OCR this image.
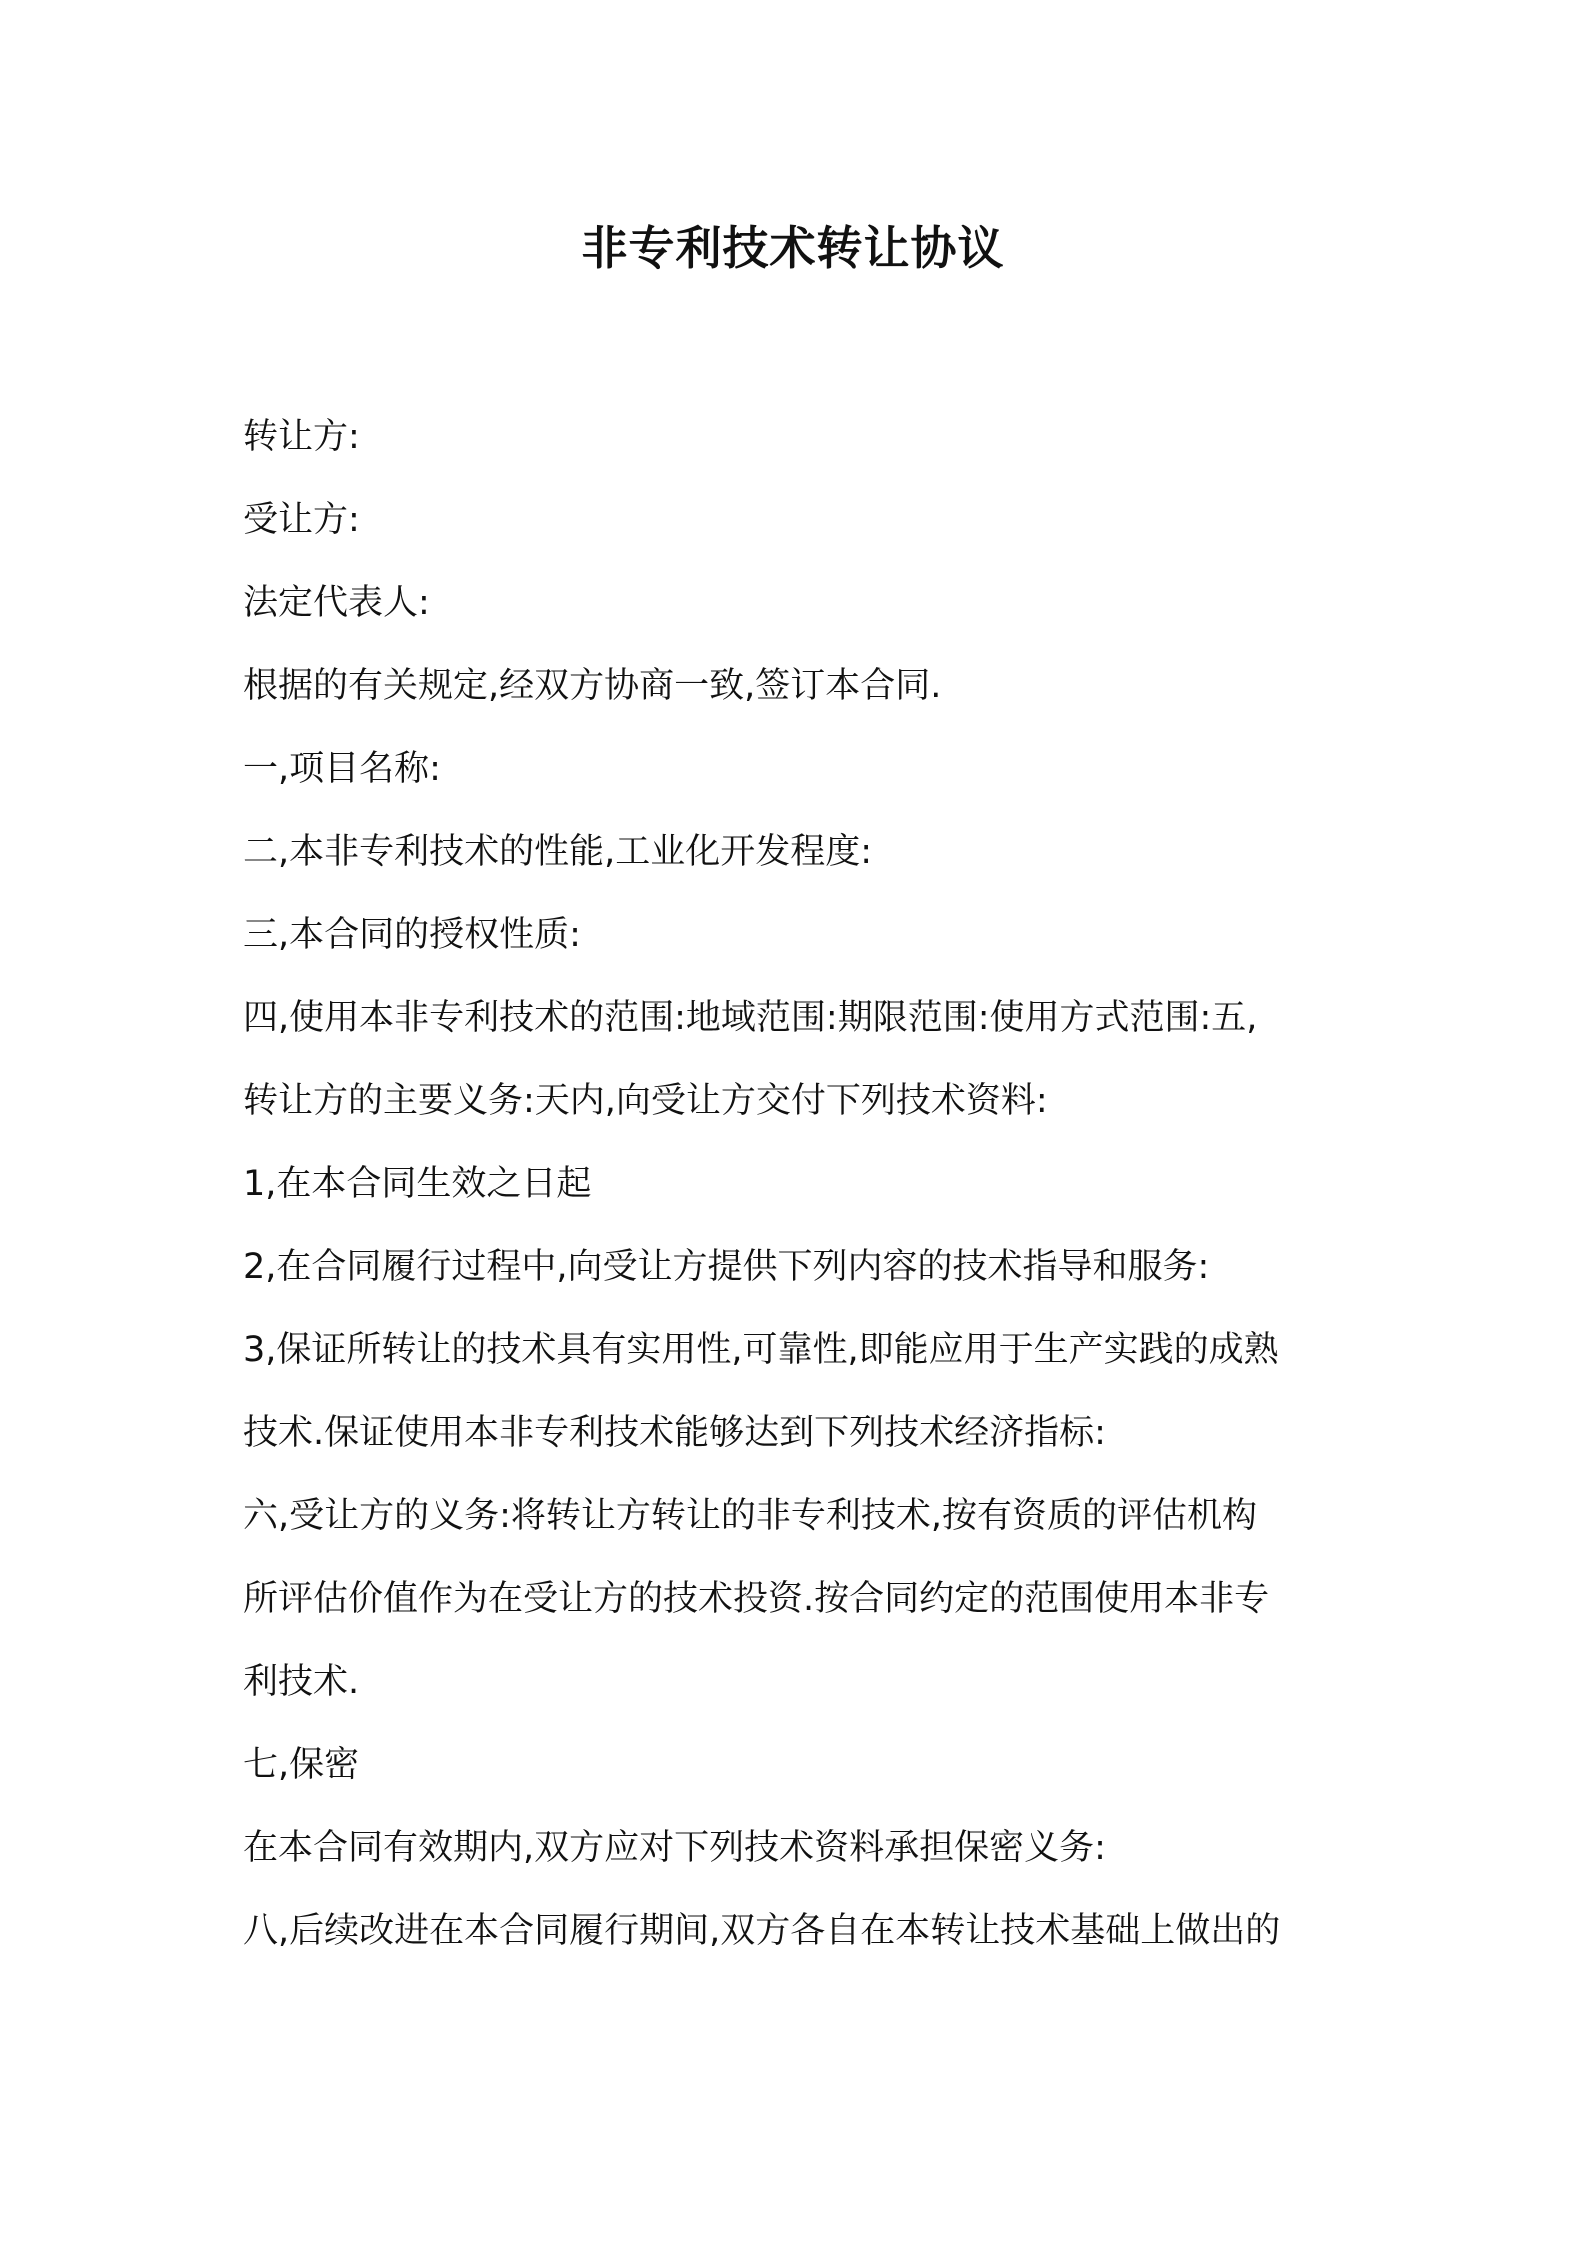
非专利技术转让协议

转让方:

受让方:

法定代表人:

根据的有关规定,经双方协商一致,签订本合同.

一,项目名称:

二,本非专利技术的性能,工业化开发程度:

三,本合同的授权性质:

四,使用本非专利技术的范围:地域范围:期限范围:使用方式范围:五,

转让方的主要义务:天内,向受让方交付下列技术资料:

1,在本合同生效之日起

2,在合同履行过程中,向受让方提供下列内容的技术指导和服务:

3,保证所转让的技术具有实用性,可靠性,即能应用于生产实践的成熟

技术.保证使用本非专利技术能够达到下列技术经济指标:

六,受让方的义务:将转让方转让的非专利技术,按有资质的评估机构

所评估价值作为在受让方的技术投资.按合同约定的范围使用本非专

利技术.

七,保密

在本合同有效期内,双方应对下列技术资料承担保密义务:

八,后续改进在本合同履行期间,双方各自在本转让技术基础上做出的
